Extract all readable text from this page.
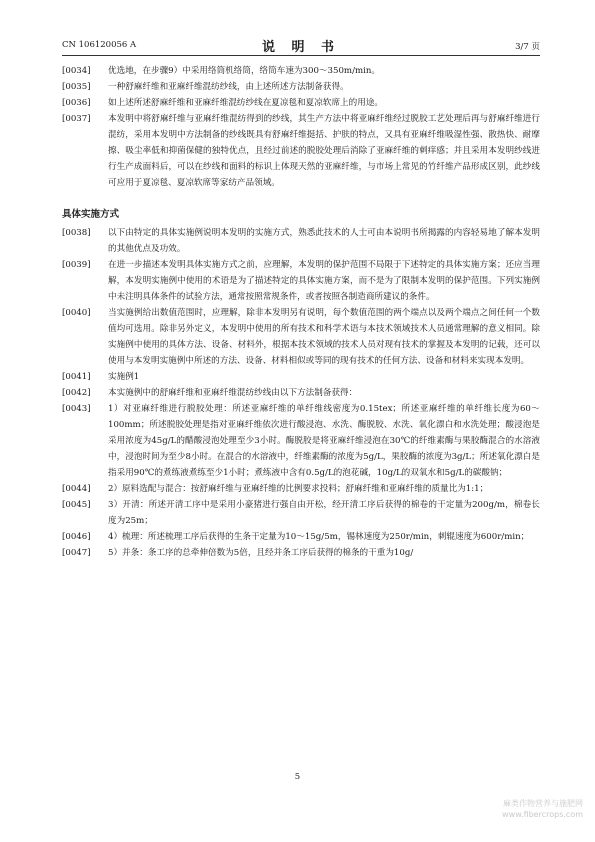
CN 106120056 A	说 明 书	3/7 页
[0034]	优选地，在步骤9）中采用络筒机络筒，络筒车速为300～350m/min。
[0035]	一种舒麻纤维和亚麻纤维混纺纱线，由上述所述方法制备获得。
[0036]	如上述所述舒麻纤维和亚麻纤维混纺纱线在夏凉毯和夏凉软席上的用途。
[0037]	本发明中将舒麻纤维与亚麻纤维混纺得到的纱线，其生产方法中将亚麻纤维经过脱胶工艺处理后再与舒麻纤维进行混纺，采用本发明中方法制备的纱线既具有舒麻纤维挺括、护肤的特点，又具有亚麻纤维吸湿性强、散热快、耐摩擦、吸尘率低和抑菌保健的独特优点，且经过前述的脱胶处理后消除了亚麻纤维的刺痒感；并且采用本发明纱线进行生产成面料后，可以在纱线和面料的标识上体现天然的亚麻纤维，与市场上常见的竹纤维产品形成区别，此纱线可应用于夏凉毯、夏凉软席等家纺产品领域。
具体实施方式
[0038]	以下由特定的具体实施例说明本发明的实施方式，熟悉此技术的人士可由本说明书所揭露的内容轻易地了解本发明的其他优点及功效。
[0039]	在进一步描述本发明具体实施方式之前，应理解，本发明的保护范围不局限于下述特定的具体实施方案；还应当理解，本发明实施例中使用的术语是为了描述特定的具体实施方案，而不是为了限制本发明的保护范围。下列实施例中未注明具体条件的试验方法，通常按照常规条件，或者按照各制造商所建议的条件。
[0040]	当实施例给出数值范围时，应理解，除非本发明另有说明，每个数值范围的两个端点以及两个端点之间任何一个数值均可选用。除非另外定义，本发明中使用的所有技术和科学术语与本技术领域技术人员通常理解的意义相同。除实施例中使用的具体方法、设备、材料外，根据本技术领域的技术人员对现有技术的掌握及本发明的记载，还可以使用与本发明实施例中所述的方法、设备、材料相似或等同的现有技术的任何方法、设备和材料来实现本发明。
[0041]	实施例1
[0042]	本实施例中的舒麻纤维和亚麻纤维混纺纱线由以下方法制备获得：
[0043]	1）对亚麻纤维进行脱胶处理：所述亚麻纤维的单纤维线密度为0.15tex；所述亚麻纤维的单纤维长度为60～100mm；所述脱胶处理是指对亚麻纤维依次进行酸浸泡、水洗、酶脱胶、水洗、氧化漂白和水洗处理；酸浸泡是采用浓度为45g/L的醋酸浸泡处理至少3小时。酶脱胶是将亚麻纤维浸泡在30℃的纤维素酶与果胶酶混合的水溶液中，浸泡时间为至少8小时。在混合的水溶液中，纤维素酶的浓度为5g/L，果胶酶的浓度为3g/L；所述氧化漂白是指采用90℃的煮练液煮练至少1小时；煮练液中含有0.5g/L的泡花碱，10g/L的双氧水和5g/L的碳酸钠；
[0044]	2）原料选配与混合：按舒麻纤维与亚麻纤维的比例要求投料；舒麻纤维和亚麻纤维的质量比为1:1；
[0045]	3）开清：所述开清工序中是采用小豪猪进行强自由开松，经开清工序后获得的棉卷的干定量为200g/m，棉卷长度为25m；
[0046]	4）梳理：所述梳理工序后获得的生条干定量为10～15g/5m，锡林速度为250r/min，刺辊速度为600r/min；
[0047]	5）并条：条工序的总牵伸倍数为5倍，且经并条工序后获得的棉条的干重为10g/
5
麻类作物营养与施肥网
www.fibercrops.com
